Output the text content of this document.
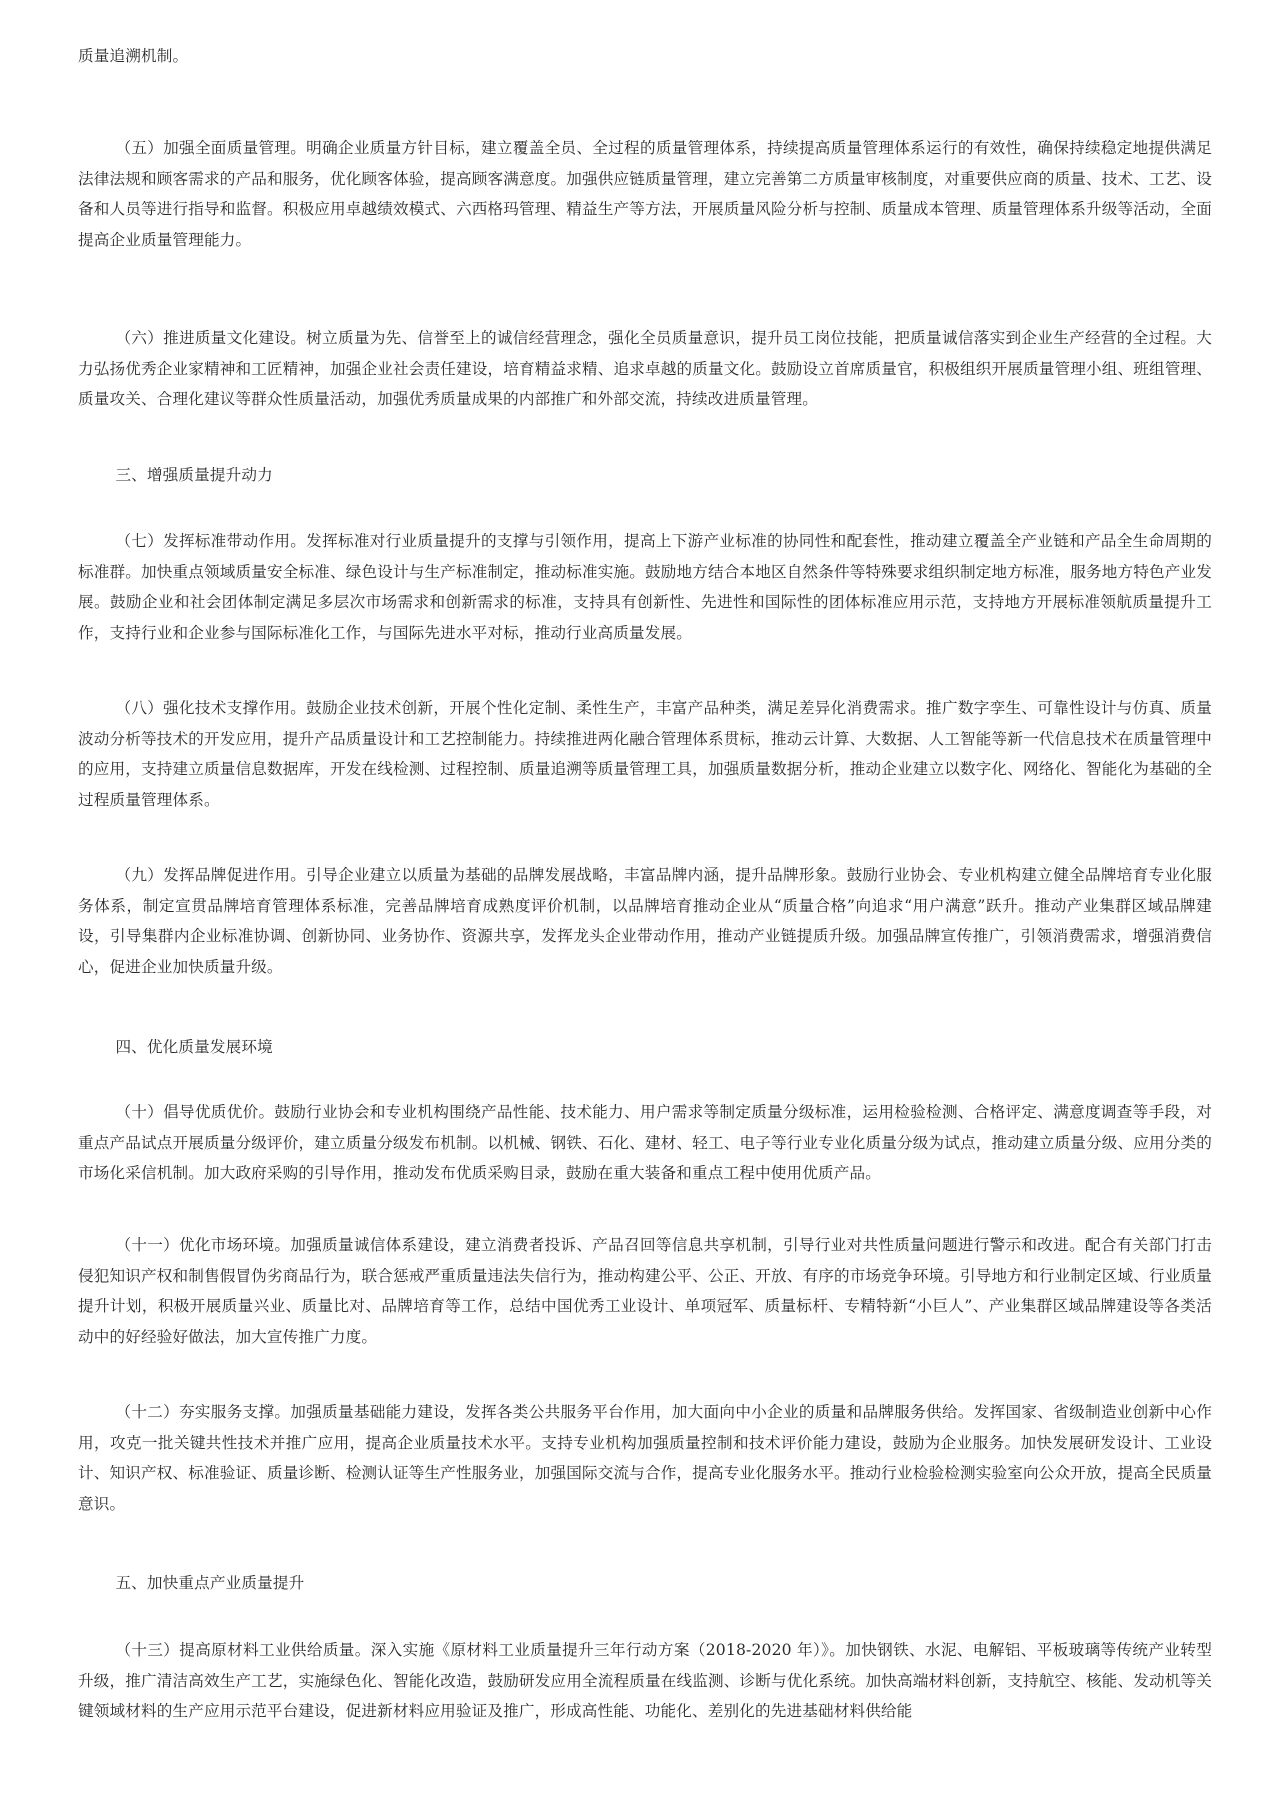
质量追溯机制。

（五）加强全面质量管理。明确企业质量方针目标，建立覆盖全员、全过程的质量管理体系，持续提高质量管理体系运行的有效性，确保持续稳定地提供满足法律法规和顾客需求的产品和服务，优化顾客体验，提高顾客满意度。加强供应链质量管理，建立完善第二方质量审核制度，对重要供应商的质量、技术、工艺、设备和人员等进行指导和监督。积极应用卓越绩效模式、六西格玛管理、精益生产等方法，开展质量风险分析与控制、质量成本管理、质量管理体系升级等活动，全面提高企业质量管理能力。

（六）推进质量文化建设。树立质量为先、信誉至上的诚信经营理念，强化全员质量意识，提升员工岗位技能，把质量诚信落实到企业生产经营的全过程。大力弘扬优秀企业家精神和工匠精神，加强企业社会责任建设，培育精益求精、追求卓越的质量文化。鼓励设立首席质量官，积极组织开展质量管理小组、班组管理、质量攻关、合理化建议等群众性质量活动，加强优秀质量成果的内部推广和外部交流，持续改进质量管理。

三、增强质量提升动力

（七）发挥标准带动作用。发挥标准对行业质量提升的支撑与引领作用，提高上下游产业标准的协同性和配套性，推动建立覆盖全产业链和产品全生命周期的标准群。加快重点领域质量安全标准、绿色设计与生产标准制定，推动标准实施。鼓励地方结合本地区自然条件等特殊要求组织制定地方标准，服务地方特色产业发展。鼓励企业和社会团体制定满足多层次市场需求和创新需求的标准，支持具有创新性、先进性和国际性的团体标准应用示范，支持地方开展标准领航质量提升工作，支持行业和企业参与国际标准化工作，与国际先进水平对标，推动行业高质量发展。

（八）强化技术支撑作用。鼓励企业技术创新，开展个性化定制、柔性生产，丰富产品种类，满足差异化消费需求。推广数字孪生、可靠性设计与仿真、质量波动分析等技术的开发应用，提升产品质量设计和工艺控制能力。持续推进两化融合管理体系贯标，推动云计算、大数据、人工智能等新一代信息技术在质量管理中的应用，支持建立质量信息数据库，开发在线检测、过程控制、质量追溯等质量管理工具，加强质量数据分析，推动企业建立以数字化、网络化、智能化为基础的全过程质量管理体系。

（九）发挥品牌促进作用。引导企业建立以质量为基础的品牌发展战略，丰富品牌内涵，提升品牌形象。鼓励行业协会、专业机构建立健全品牌培育专业化服务体系，制定宣贯品牌培育管理体系标准，完善品牌培育成熟度评价机制，以品牌培育推动企业从“质量合格”向追求“用户满意”跃升。推动产业集群区域品牌建设，引导集群内企业标准协调、创新协同、业务协作、资源共享，发挥龙头企业带动作用，推动产业链提质升级。加强品牌宣传推广，引领消费需求，增强消费信心，促进企业加快质量升级。

四、优化质量发展环境

（十）倡导优质优价。鼓励行业协会和专业机构围绕产品性能、技术能力、用户需求等制定质量分级标准，运用检验检测、合格评定、满意度调查等手段，对重点产品试点开展质量分级评价，建立质量分级发布机制。以机械、钢铁、石化、建材、轻工、电子等行业专业化质量分级为试点，推动建立质量分级、应用分类的市场化采信机制。加大政府采购的引导作用，推动发布优质采购目录，鼓励在重大装备和重点工程中使用优质产品。

（十一）优化市场环境。加强质量诚信体系建设，建立消费者投诉、产品召回等信息共享机制，引导行业对共性质量问题进行警示和改进。配合有关部门打击侵犯知识产权和制售假冒伪劣商品行为，联合惩戒严重质量违法失信行为，推动构建公平、公正、开放、有序的市场竞争环境。引导地方和行业制定区域、行业质量提升计划，积极开展质量兴业、质量比对、品牌培育等工作，总结中国优秀工业设计、单项冠军、质量标杆、专精特新“小巨人”、产业集群区域品牌建设等各类活动中的好经验好做法，加大宣传推广力度。

（十二）夯实服务支撑。加强质量基础能力建设，发挥各类公共服务平台作用，加大面向中小企业的质量和品牌服务供给。发挥国家、省级制造业创新中心作用，攻克一批关键共性技术并推广应用，提高企业质量技术水平。支持专业机构加强质量控制和技术评价能力建设，鼓励为企业服务。加快发展研发设计、工业设计、知识产权、标准验证、质量诊断、检测认证等生产性服务业，加强国际交流与合作，提高专业化服务水平。推动行业检验检测实验室向公众开放，提高全民质量意识。

五、加快重点产业质量提升

（十三）提高原材料工业供给质量。深入实施《原材料工业质量提升三年行动方案（2018-2020 年）》。加快钢铁、水泥、电解铝、平板玻璃等传统产业转型升级，推广清洁高效生产工艺，实施绿色化、智能化改造，鼓励研发应用全流程质量在线监测、诊断与优化系统。加快高端材料创新，支持航空、核能、发动机等关键领域材料的生产应用示范平台建设，促进新材料应用验证及推广，形成高性能、功能化、差别化的先进基础材料供给能
